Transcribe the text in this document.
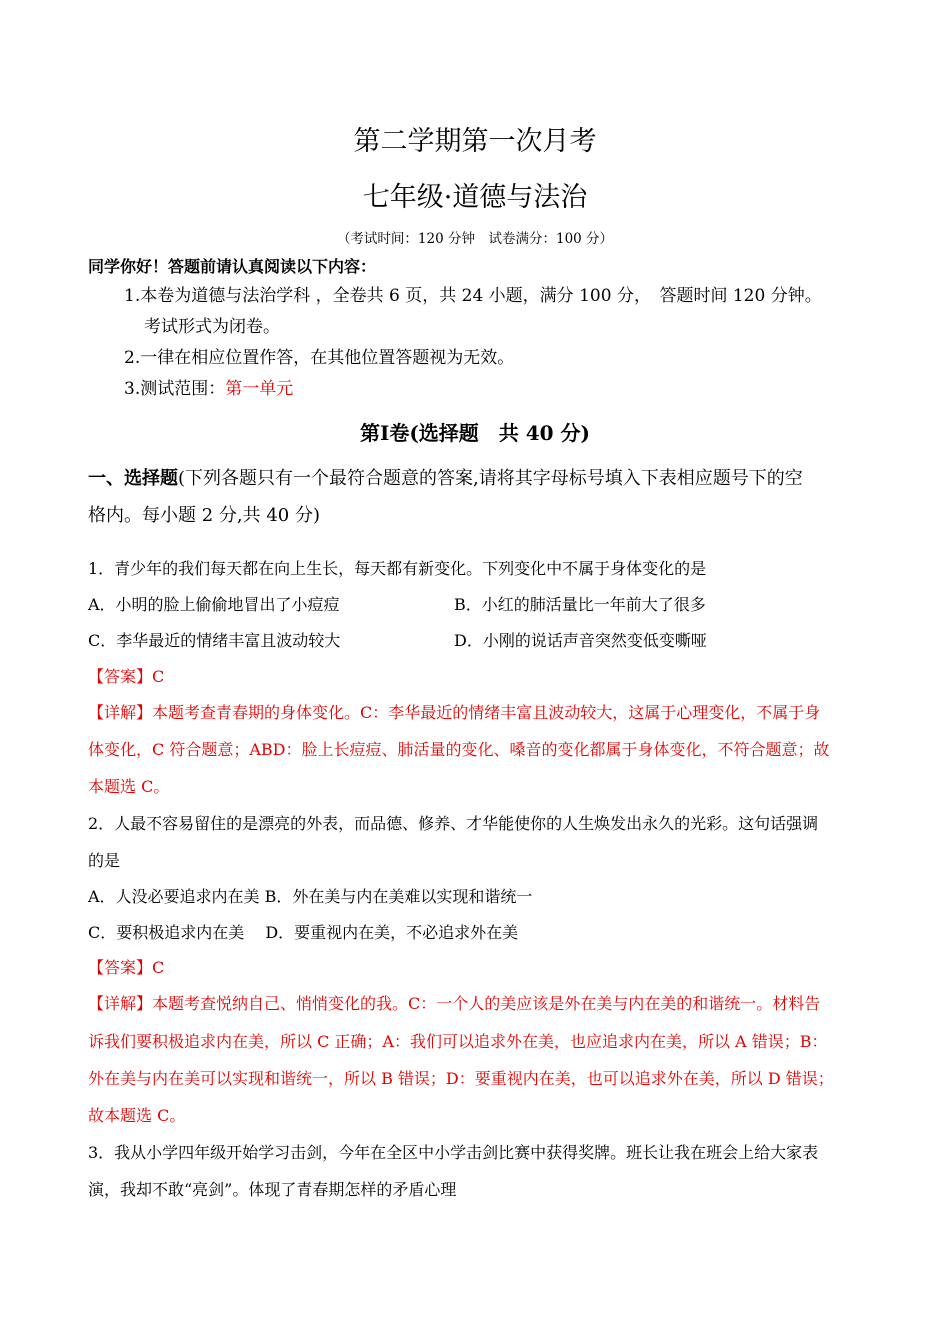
第二学期第一次月考
七年级·道德与法治
（考试时间：120 分钟　试卷满分：100 分）
同学你好！答题前请认真阅读以下内容：
1.本卷为道德与法治学科 ，全卷共 6 页，共 24 小题，满分 100 分，　答题时间 120 分钟。
考试形式为闭卷。
2.一律在相应位置作答，在其他位置答题视为无效。
3.测试范围：第一单元
第Ⅰ卷(选择题　共 40 分)
一、选择题(下列各题只有一个最符合题意的答案,请将其字母标号填入下表相应题号下的空
格内。每小题 2 分,共 40 分)
1．青少年的我们每天都在向上生长，每天都有新变化。下列变化中不属于身体变化的是
A．小明的脸上偷偷地冒出了小痘痘	B．小红的肺活量比一年前大了很多
C．李华最近的情绪丰富且波动较大	D．小刚的说话声音突然变低变嘶哑
【答案】C
【详解】本题考查青春期的身体变化。C：李华最近的情绪丰富且波动较大，这属于心理变化，不属于身
体变化，C 符合题意；ABD：脸上长痘痘、肺活量的变化、嗓音的变化都属于身体变化，不符合题意；故
本题选 C。
2．人最不容易留住的是漂亮的外表，而品德、修养、才华能使你的人生焕发出永久的光彩。这句话强调
的是
A．人没必要追求内在美 B．外在美与内在美难以实现和谐统一
C．要积极追求内在美　 D．要重视内在美，不必追求外在美
【答案】C
【详解】本题考查悦纳自己、悄悄变化的我。C：一个人的美应该是外在美与内在美的和谐统一。材料告
诉我们要积极追求内在美，所以 C 正确；A：我们可以追求外在美，也应追求内在美，所以 A 错误；B：
外在美与内在美可以实现和谐统一，所以 B 错误；D：要重视内在美，也可以追求外在美，所以 D 错误；
故本题选 C。
3．我从小学四年级开始学习击剑，今年在全区中小学击剑比赛中获得奖牌。班长让我在班会上给大家表
演，我却不敢“亮剑”。体现了青春期怎样的矛盾心理
